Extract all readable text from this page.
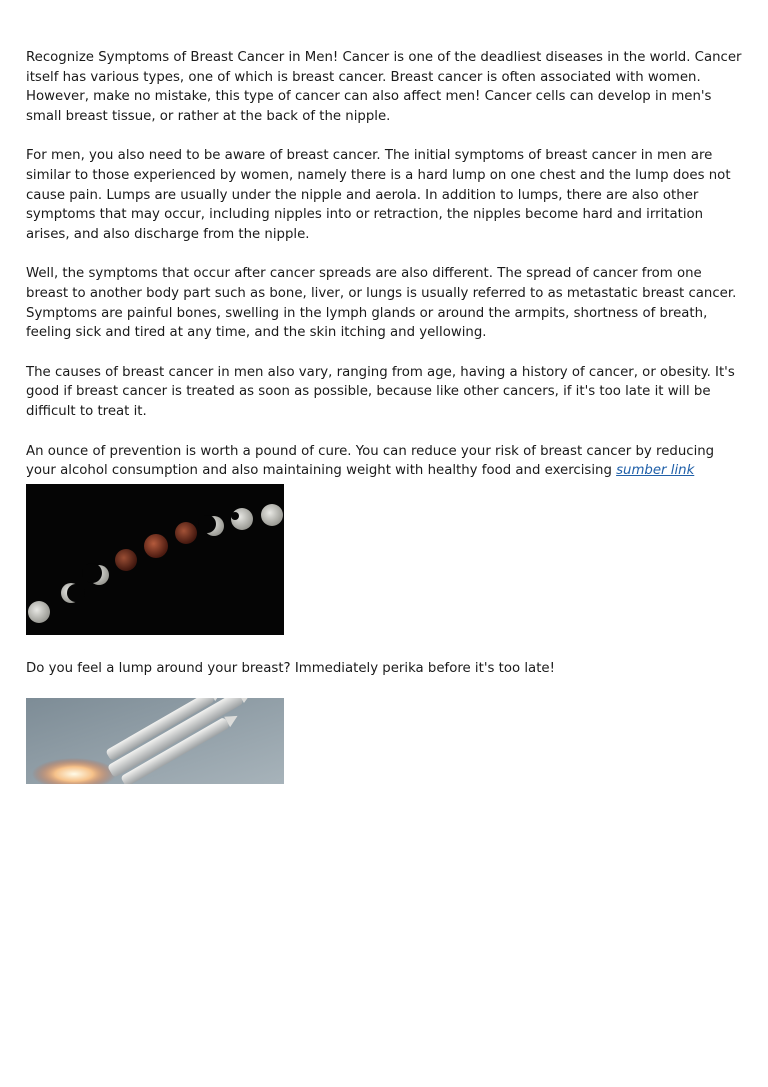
Recognize Symptoms of Breast Cancer in Men! Cancer is one of the deadliest diseases in the world. Cancer itself has various types, one of which is breast cancer. Breast cancer is often associated with women. However, make no mistake, this type of cancer can also affect men! Cancer cells can develop in men's small breast tissue, or rather at the back of the nipple.

For men, you also need to be aware of breast cancer. The initial symptoms of breast cancer in men are similar to those experienced by women, namely there is a hard lump on one chest and the lump does not cause pain. Lumps are usually under the nipple and aerola. In addition to lumps, there are also other symptoms that may occur, including nipples into or retraction, the nipples become hard and irritation arises, and also discharge from the nipple.

Well, the symptoms that occur after cancer spreads are also different. The spread of cancer from one breast to another body part such as bone, liver, or lungs is usually referred to as metastatic breast cancer. Symptoms are painful bones, swelling in the lymph glands or around the armpits, shortness of breath, feeling sick and tired at any time, and the skin itching and yellowing.

The causes of breast cancer in men also vary, ranging from age, having a history of cancer, or obesity. It's good if breast cancer is treated as soon as possible, because like other cancers, if it's too late it will be difficult to treat it.

An ounce of prevention is worth a pound of cure. You can reduce your risk of breast cancer by reducing your alcohol consumption and also maintaining weight with healthy food and exercising sumber link

Do you feel a lump around your breast? Immediately perika before it's too late!
